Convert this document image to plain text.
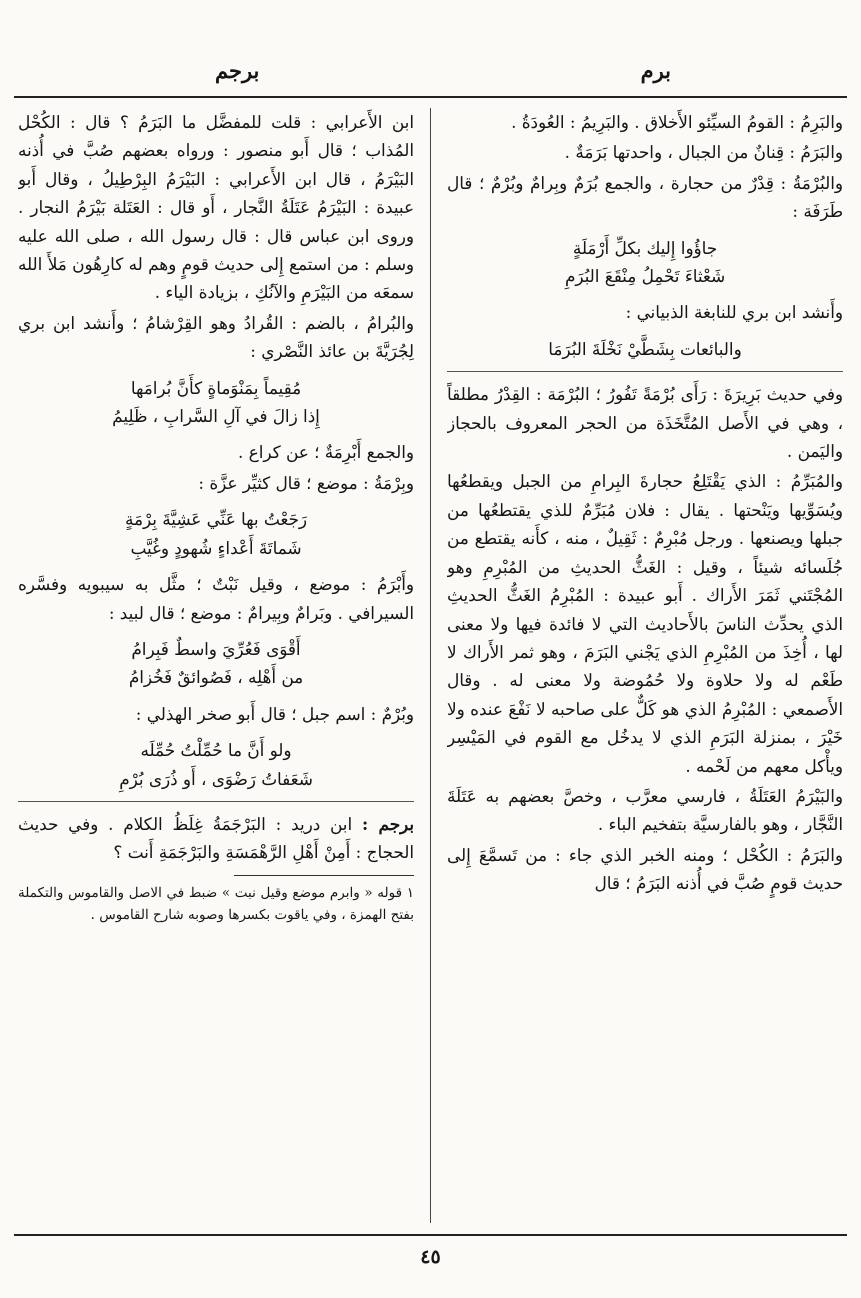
برم
برجم

والبَرِمُ : القومُ السيِّئو الأَخلاق . والبَرِيمُ : العُودَةُ .

والبَرَمُ : قِنانٌ من الجبال ، واحدتها بَرَمَةٌ .

والبُرْمَةُ : قِدْرٌ من حجارة ، والجمع بُرَمٌ وبِرامٌ وبُرْمٌ ؛ قال طَرَفَة :

جاؤُوا إِليك بكلِّ أَرْمَلَةٍ
شَعْثاءَ تَحْمِلُ مِنْقَعَ البُرَمِ

وأَنشد ابن بري للنابغة الذبياني :

والبائعات بِشَطَّيْ نَخْلَةَ البُرَمَا

وفي حديث بَرِيرَةَ : رَأَى بُرْمَةً تَفُورُ ؛ البُرْمَة : القِدْرُ مطلقاً ، وهي في الأَصل المُتَّخَذَة من الحجر المعروف بالحجاز واليَمن .

والمُبَرِّمُ : الذي يَقْتَلِعُ حجارةَ البِرامِ من الجبل ويقطعُها ويُسَوِّيها ويَنْحتها . يقال : فلان مُبَرِّمٌ للذي يقتطعُها من جبلها ويصنعها . ورجل مُبْرِمٌ : ثَقِيلٌ ، منه ، كأَنه يقتطع من جُلَسائه شيئاً ، وقيل : الغَثُّ الحديثِ من المُبْرِمِ وهو المُجْتَني ثَمَرَ الأَراك . أَبو عبيدة : المُبْرِمُ الغَثُّ الحديثِ الذي يحدِّث الناسَ بالأَحاديث التي لا فائدة فيها ولا معنى لها ، أُخِذَ من المُبْرِمِ الذي يَجْني البَرَمَ ، وهو ثمر الأَراك لا طَعْم له ولا حلاوة ولا حُمُوضة ولا معنى له . وقال الأَصمعي : المُبْرِمُ الذي هو كَلٌّ على صاحبه لا نَفْعَ عنده ولا خَيْرَ ، بمنزلة البَرَمِ الذي لا يدخُل مع القوم في المَيْسِر ويأْكل معهم من لَحْمه .

والبَيْرَمُ العَتَلَةُ ، فارسي معرَّب ، وخصَّ بعضهم به عَتَلَةَ النَّجَّار ، وهو بالفارسيَّة بتفخيم الباء .

والبَرَمُ : الكُحْل ؛ ومنه الخبر الذي جاء : من تَسمَّعَ إِلى حديث قومٍ صُبَّ في أُذنه البَرَمُ ؛ قال

ابن الأَعرابي : قلت للمفضَّل ما البَرَمُ ؟ قال : الكُحْل المُذاب ؛ قال أَبو منصور : ورواه بعضهم صُبَّ في أُذنه البَيْرَمُ ، قال ابن الأَعرابي : البَيْرَمُ البِرْطِيلُ ، وقال أَبو عبيدة : البَيْرَمُ عَتَلَةُ النَّجار ، أَو قال : العَتَلة بَيْرَمُ النجار . وروى ابن عباس قال : قال رسول الله ، صلى الله عليه وسلم : من استمع إِلى حديث قومٍ وهم له كارِهُون مَلأَ الله سمعَه من البَيْرَمِ والآنُكِ ، بزيادة الياء .

والبُرامُ ، بالضم : القُرادُ وهو القِرْشامُ ؛ وأَنشد ابن بري لِجُرَيَّةَ بن عائذ النَّصْري :

مُقِيماً بِمَنْوَماةٍ كأَنَّ بُرامَها
إِذا زالَ في آلِ السَّرابِ ، ظَلِيمُ

والجمع أَبْرِمَةٌ ؛ عن كراع .

وبِرْمَةُ : موضع ؛ قال كثيِّر عزَّة :

رَجَعْتُ بها عَنِّي عَشِيَّةَ بِرْمَةٍ
شَماتَةَ أَعْداءٍ شُهودٍ وغُيَّبِ

وأَبْرَمُ : موضع ، وقيل نَبْتٌ ؛ مثَّل به سيبويه وفسَّره السيرافي . وبَرامٌ وبِيرامٌ : موضع ؛ قال لبيد :

أَقْوَى فَعُرِّيَ واسطٌ فَبِرامُ
من أَهْلِه ، فَصُوائقٌ فَخُزامُ

وبُرْمٌ : اسم جبل ؛ قال أَبو صخر الهذلي :

ولو أَنَّ ما حُمِّلْتُ حُمِّلَه
شَعَفاتُ رَضْوَى ، أَو ذُرَى بُرْمِ

برجم : ابن دريد : البَرْجَمَةُ غِلَظُ الكلام . وفي حديث الحجاج : أَمِنْ أَهْلِ الرَّهْمَسَةِ والبَرْجَمَةِ أَنت ؟

١ قوله « وابرم موضع وقيل نبت » ضبط في الاصل والقاموس والتكملة بفتح الهمزة ، وفي ياقوت بكسرها وصوبه شارح القاموس .

٤٥
